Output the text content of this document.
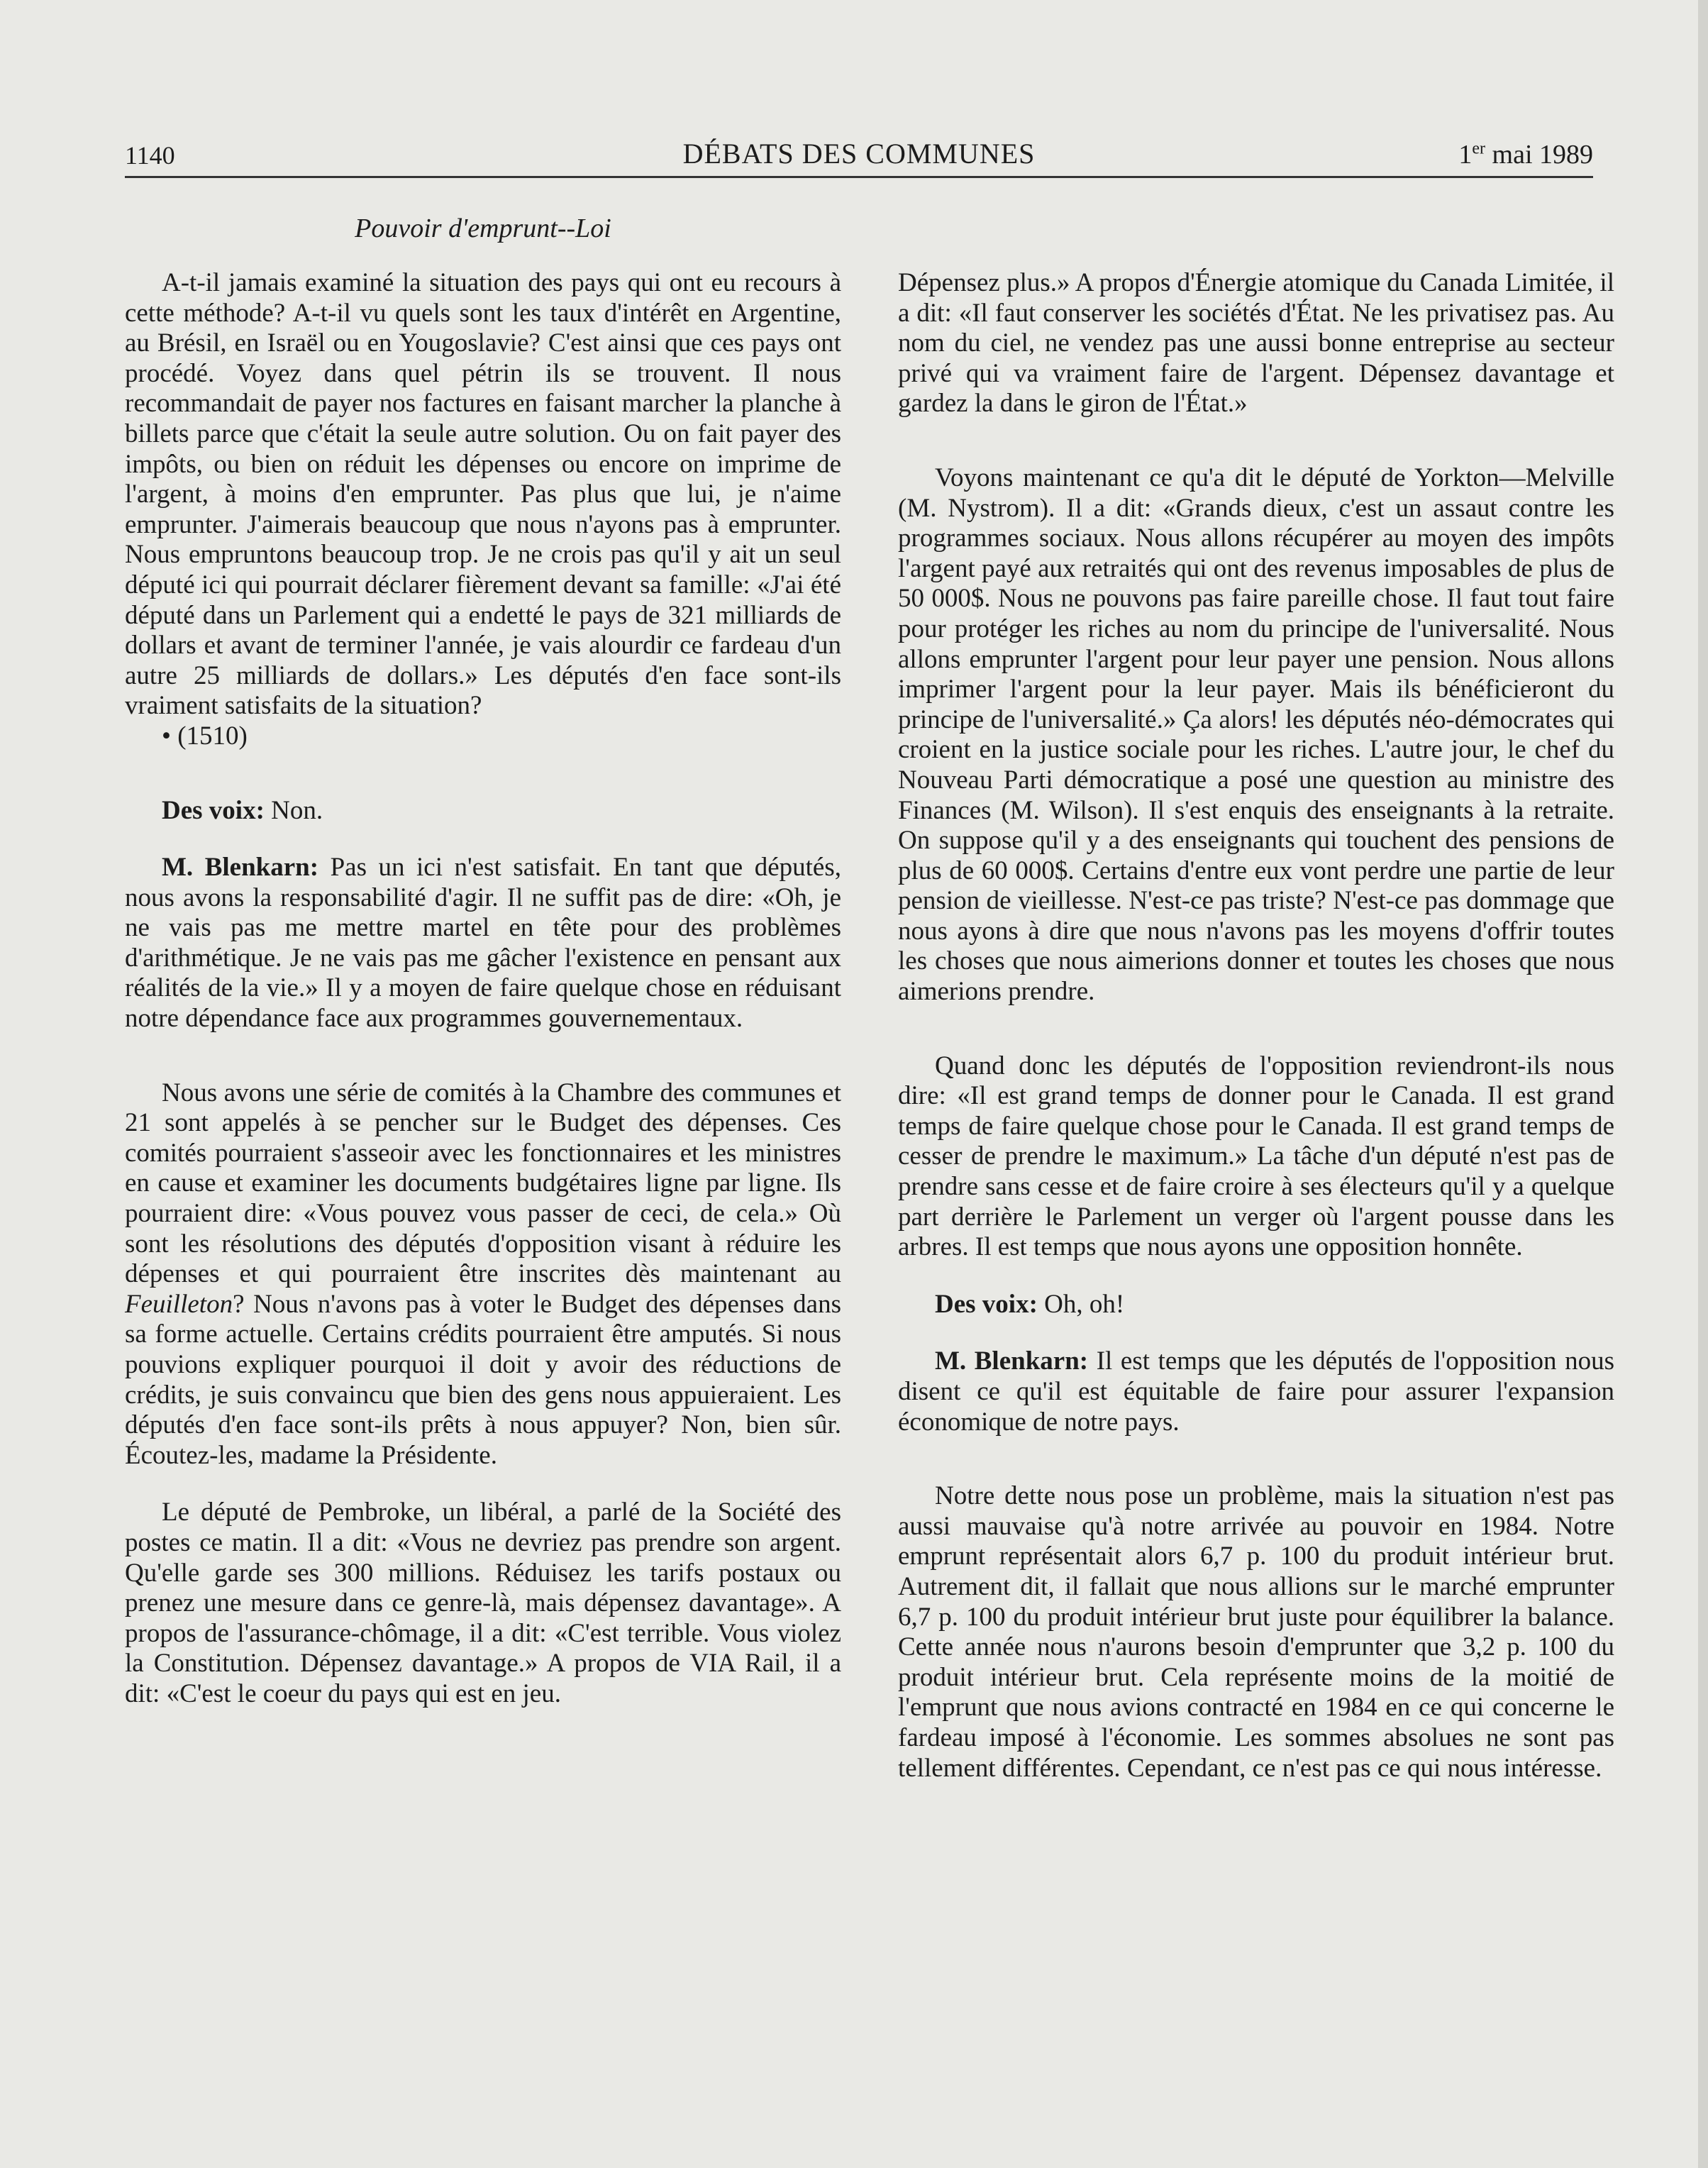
1140	DÉBATS DES COMMUNES	1er mai 1989
Pouvoir d'emprunt--Loi

A-t-il jamais examiné la situation des pays qui ont eu recours à cette méthode? A-t-il vu quels sont les taux d'intérêt en Argentine, au Brésil, en Israël ou en Yougoslavie? C'est ainsi que ces pays ont procédé. Voyez dans quel pétrin ils se trouvent. Il nous recommandait de payer nos factures en faisant marcher la planche à billets parce que c'était la seule autre solution. Ou on fait payer des impôts, ou bien on réduit les dépenses ou encore on imprime de l'argent, à moins d'en emprunter. Pas plus que lui, je n'aime emprunter. J'aimerais beaucoup que nous n'ayons pas à emprunter. Nous empruntons beaucoup trop. Je ne crois pas qu'il y ait un seul député ici qui pourrait déclarer fièrement devant sa famille: «J'ai été député dans un Parlement qui a endetté le pays de 321 milliards de dollars et avant de terminer l'année, je vais alourdir ce fardeau d'un autre 25 milliards de dollars.» Les députés d'en face sont-ils vraiment satisfaits de la situation?

• (1510)

Des voix: Non.

M. Blenkarn: Pas un ici n'est satisfait. En tant que députés, nous avons la responsabilité d'agir. Il ne suffit pas de dire: «Oh, je ne vais pas me mettre martel en tête pour des problèmes d'arithmétique. Je ne vais pas me gâcher l'existence en pensant aux réalités de la vie.» Il y a moyen de faire quelque chose en réduisant notre dépendance face aux programmes gouvernementaux.

Nous avons une série de comités à la Chambre des communes et 21 sont appelés à se pencher sur le Budget des dépenses. Ces comités pourraient s'asseoir avec les fonctionnaires et les ministres en cause et examiner les documents budgétaires ligne par ligne. Ils pourraient dire: «Vous pouvez vous passer de ceci, de cela.» Où sont les résolutions des députés d'opposition visant à réduire les dépenses et qui pourraient être inscrites dès maintenant au Feuilleton? Nous n'avons pas à voter le Budget des dépenses dans sa forme actuelle. Certains crédits pourraient être amputés. Si nous pouvions expliquer pourquoi il doit y avoir des réductions de crédits, je suis convaincu que bien des gens nous appuieraient. Les députés d'en face sont-ils prêts à nous appuyer? Non, bien sûr. Écoutez-les, madame la Présidente.

Le député de Pembroke, un libéral, a parlé de la Société des postes ce matin. Il a dit: «Vous ne devriez pas prendre son argent. Qu'elle garde ses 300 millions. Réduisez les tarifs postaux ou prenez une mesure dans ce genre-là, mais dépensez davantage». A propos de l'assurance-chômage, il a dit: «C'est terrible. Vous violez la Constitution. Dépensez davantage.» A propos de VIA Rail, il a dit: «C'est le coeur du pays qui est en jeu.

Dépensez plus.» A propos d'Énergie atomique du Canada Limitée, il a dit: «Il faut conserver les sociétés d'État. Ne les privatisez pas. Au nom du ciel, ne vendez pas une aussi bonne entreprise au secteur privé qui va vraiment faire de l'argent. Dépensez davantage et gardez la dans le giron de l'État.»

Voyons maintenant ce qu'a dit le député de Yorkton—Melville (M. Nystrom). Il a dit: «Grands dieux, c'est un assaut contre les programmes sociaux. Nous allons récupérer au moyen des impôts l'argent payé aux retraités qui ont des revenus imposables de plus de 50 000$. Nous ne pouvons pas faire pareille chose. Il faut tout faire pour protéger les riches au nom du principe de l'universalité. Nous allons emprunter l'argent pour leur payer une pension. Nous allons imprimer l'argent pour la leur payer. Mais ils bénéficieront du principe de l'universalité.» Ça alors! les députés néo-démocrates qui croient en la justice sociale pour les riches. L'autre jour, le chef du Nouveau Parti démocratique a posé une question au ministre des Finances (M. Wilson). Il s'est enquis des enseignants à la retraite. On suppose qu'il y a des enseignants qui touchent des pensions de plus de 60 000$. Certains d'entre eux vont perdre une partie de leur pension de vieillesse. N'est-ce pas triste? N'est-ce pas dommage que nous ayons à dire que nous n'avons pas les moyens d'offrir toutes les choses que nous aimerions donner et toutes les choses que nous aimerions prendre.

Quand donc les députés de l'opposition reviendront-ils nous dire: «Il est grand temps de donner pour le Canada. Il est grand temps de faire quelque chose pour le Canada. Il est grand temps de cesser de prendre le maximum.» La tâche d'un député n'est pas de prendre sans cesse et de faire croire à ses électeurs qu'il y a quelque part derrière le Parlement un verger où l'argent pousse dans les arbres. Il est temps que nous ayons une opposition honnête.

Des voix: Oh, oh!

M. Blenkarn: Il est temps que les députés de l'opposition nous disent ce qu'il est équitable de faire pour assurer l'expansion économique de notre pays.

Notre dette nous pose un problème, mais la situation n'est pas aussi mauvaise qu'à notre arrivée au pouvoir en 1984. Notre emprunt représentait alors 6,7 p. 100 du produit intérieur brut. Autrement dit, il fallait que nous allions sur le marché emprunter 6,7 p. 100 du produit intérieur brut juste pour équilibrer la balance. Cette année nous n'aurons besoin d'emprunter que 3,2 p. 100 du produit intérieur brut. Cela représente moins de la moitié de l'emprunt que nous avions contracté en 1984 en ce qui concerne le fardeau imposé à l'économie. Les sommes absolues ne sont pas tellement différentes. Cependant, ce n'est pas ce qui nous intéresse.
